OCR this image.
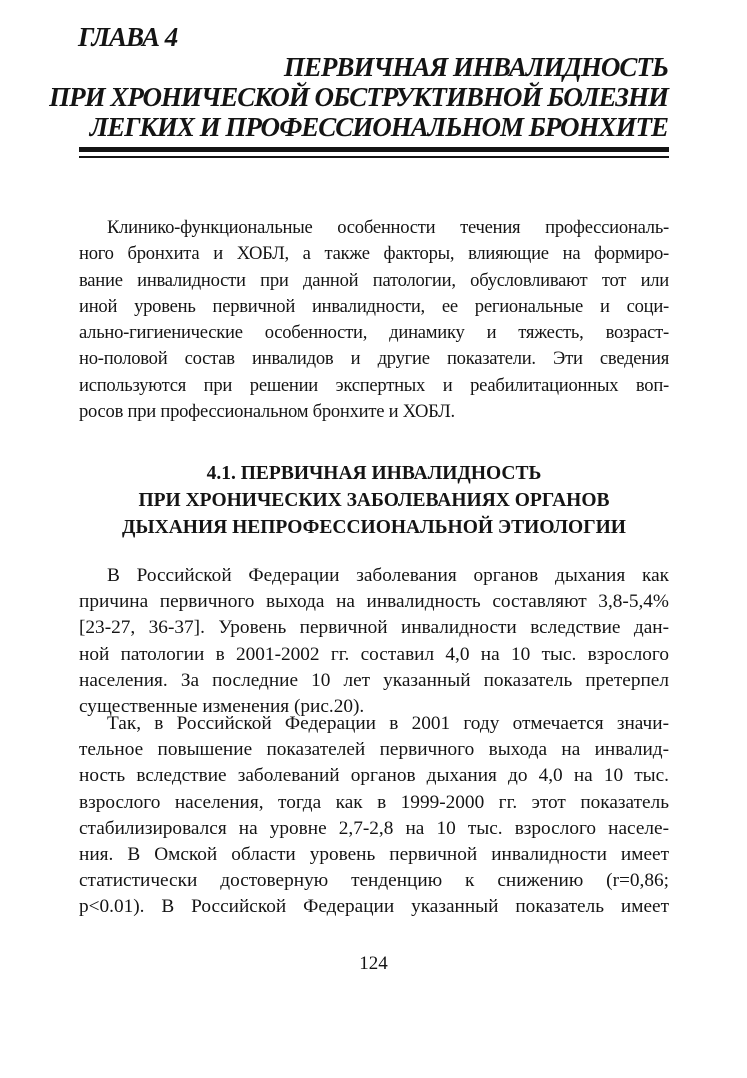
ГЛАВА 4
ПЕРВИЧНАЯ ИНВАЛИДНОСТЬ
ПРИ ХРОНИЧЕСКОЙ ОБСТРУКТИВНОЙ БОЛЕЗНИ
ЛЕГКИХ И ПРОФЕССИОНАЛЬНОМ БРОНХИТЕ

Клинико-функциональные особенности течения профессиональ-
ного бронхита и ХОБЛ, а также факторы, влияющие на формиро-
вание инвалидности при данной патологии, обусловливают тот или
иной уровень первичной инвалидности, ее региональные и соци-
ально-гигиенические особенности, динамику и тяжесть, возраст-
но-половой состав инвалидов и другие показатели. Эти сведения
используются при решении экспертных и реабилитационных воп-
росов при профессиональном бронхите и ХОБЛ.

4.1. ПЕРВИЧНАЯ ИНВАЛИДНОСТЬ
ПРИ ХРОНИЧЕСКИХ ЗАБОЛЕВАНИЯХ ОРГАНОВ
ДЫХАНИЯ НЕПРОФЕССИОНАЛЬНОЙ ЭТИОЛОГИИ

В Российской Федерации заболевания органов дыхания как
причина первичного выхода на инвалидность составляют 3,8-5,4%
[23-27, 36-37]. Уровень первичной инвалидности вследствие дан-
ной патологии в 2001-2002 гг. составил 4,0 на 10 тыс. взрослого
населения. За последние 10 лет указанный показатель претерпел
существенные изменения (рис.20).

Так, в Российской Федерации в 2001 году отмечается значи-
тельное повышение показателей первичного выхода на инвалид-
ность вследствие заболеваний органов дыхания до 4,0 на 10 тыс.
взрослого населения, тогда как в 1999-2000 гг. этот показатель
стабилизировался на уровне 2,7-2,8 на 10 тыс. взрослого населе-
ния. В Омской области уровень первичной инвалидности имеет
статистически достоверную тенденцию к снижению (r=0,86;
p<0.01). В Российской Федерации указанный показатель имеет

124
